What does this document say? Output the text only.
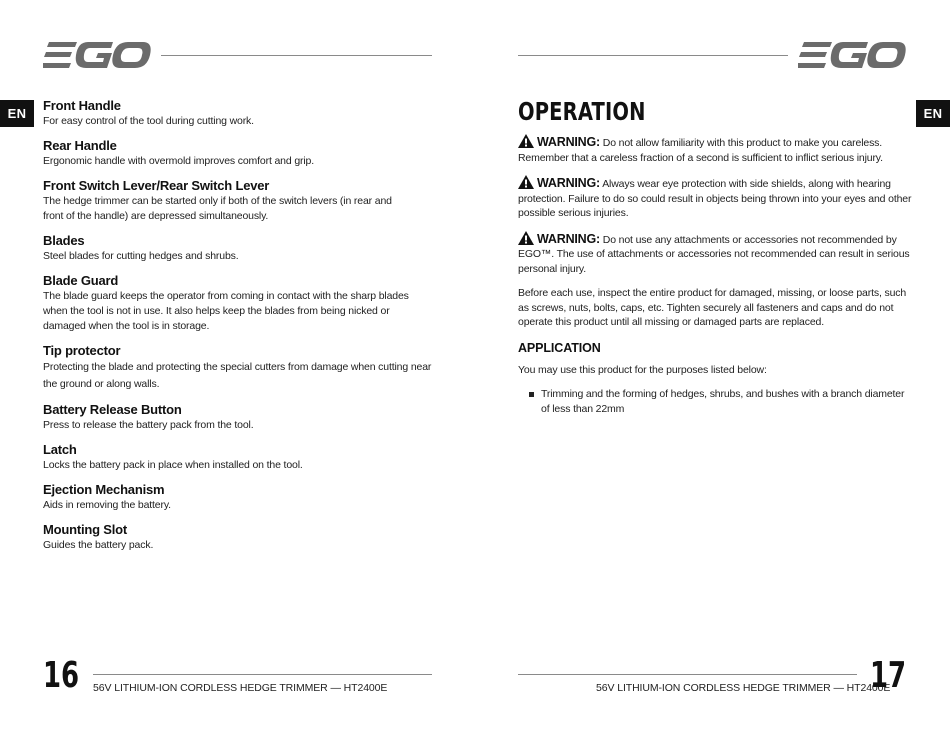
EN	EN
Front Handle
For easy control of the tool during cutting work.
Rear Handle
Ergonomic handle with overmold improves comfort and grip.
Front Switch Lever/Rear Switch Lever
The hedge trimmer can be started only if both of the switch levers (in rear and front of the handle) are depressed simultaneously.
Blades
Steel blades for cutting hedges and shrubs.
Blade Guard
The blade guard keeps the operator from coming in contact with the sharp blades when the tool is not in use. It also helps keep the blades from being nicked or damaged when the tool is in storage.
Tip protector
Protecting the blade and protecting the special cutters from damage when cutting near the ground or along walls.
Battery Release Button
Press to release the battery pack from the tool.
Latch
Locks the battery pack in place when installed on the tool.
Ejection Mechanism
Aids in removing the battery.
Mounting Slot
Guides the battery pack.
OPERATION
WARNING: Do not allow familiarity with this product to make you careless. Remember that a careless fraction of a second is sufficient to inflict serious injury.
WARNING: Always wear eye protection with side shields, along with hearing protection. Failure to do so could result in objects being thrown into your eyes and other possible serious injuries.
WARNING: Do not use any attachments or accessories not recommended by EGO™. The use of attachments or accessories not recommended can result in serious personal injury.
Before each use, inspect the entire product for damaged, missing, or loose parts, such as screws, nuts, bolts, caps, etc. Tighten securely all fasteners and caps and do not operate this product until all missing or damaged parts are replaced.
APPLICATION
You may use this product for the purposes listed below:
Trimming and the forming of hedges, shrubs, and bushes with a branch diameter of less than 22mm
16 56V LITHIUM-ION CORDLESS HEDGE TRIMMER — HT2400E	56V LITHIUM-ION CORDLESS HEDGE TRIMMER — HT2400E
17
